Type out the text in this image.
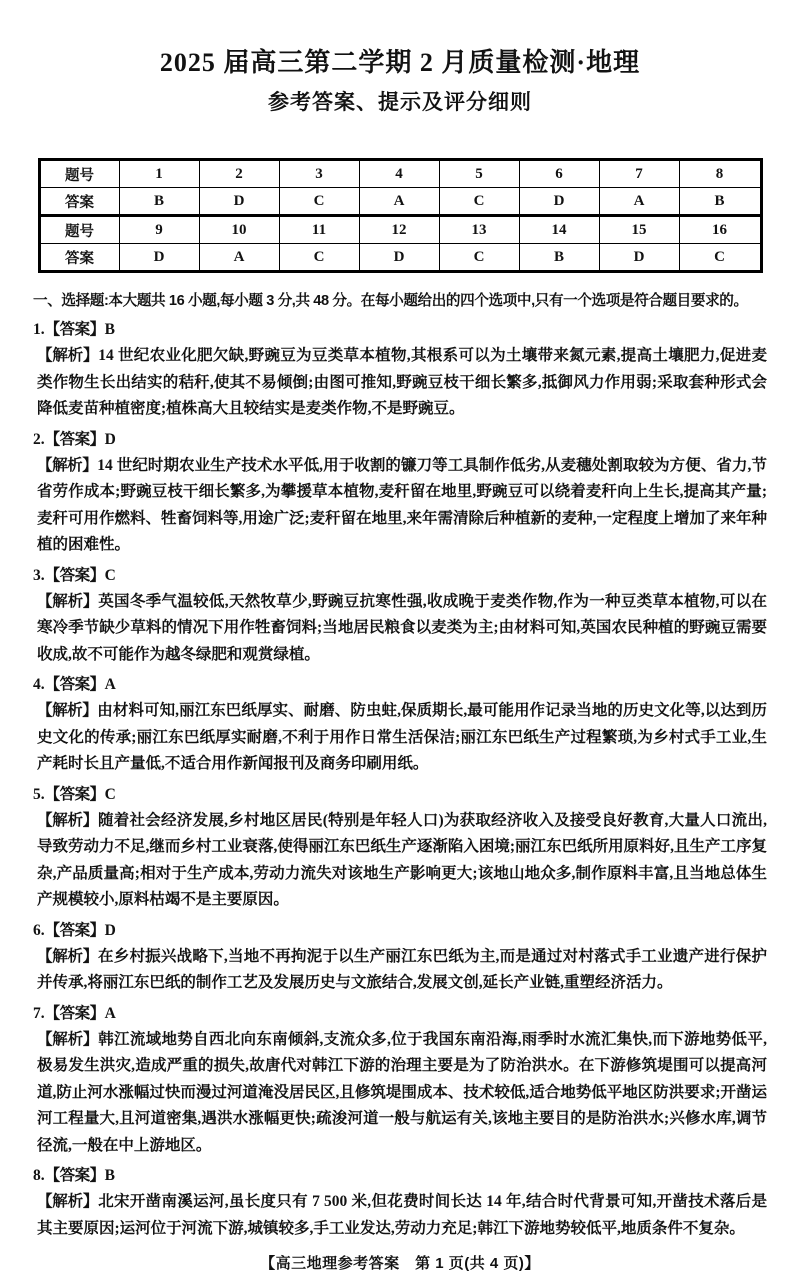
2025 届高三第二学期 2 月质量检测·地理
参考答案、提示及评分细则
题号	1	2	3	4	5	6	7	8
答案	B	D	C	A	C	D	A	B
题号	9	10	11	12	13	14	15	16
答案	D	A	C	D	C	B	D	C
一、选择题:本大题共 16 小题,每小题 3 分,共 48 分。在每小题给出的四个选项中,只有一个选项是符合题目要求的。
1.【答案】B
【解析】14 世纪农业化肥欠缺,野豌豆为豆类草本植物,其根系可以为土壤带来氮元素,提高土壤肥力,促进麦类作物生长出结实的秸秆,使其不易倾倒;由图可推知,野豌豆枝干细长繁多,抵御风力作用弱;采取套种形式会降低麦苗种植密度;植株高大且较结实是麦类作物,不是野豌豆。
2.【答案】D
【解析】14 世纪时期农业生产技术水平低,用于收割的镰刀等工具制作低劣,从麦穗处割取较为方便、省力,节省劳作成本;野豌豆枝干细长繁多,为攀援草本植物,麦秆留在地里,野豌豆可以绕着麦秆向上生长,提高其产量;麦秆可用作燃料、牲畜饲料等,用途广泛;麦秆留在地里,来年需清除后种植新的麦种,一定程度上增加了来年种植的困难性。
3.【答案】C
【解析】英国冬季气温较低,天然牧草少,野豌豆抗寒性强,收成晚于麦类作物,作为一种豆类草本植物,可以在寒冷季节缺少草料的情况下用作牲畜饲料;当地居民粮食以麦类为主;由材料可知,英国农民种植的野豌豆需要收成,故不可能作为越冬绿肥和观赏绿植。
4.【答案】A
【解析】由材料可知,丽江东巴纸厚实、耐磨、防虫蛀,保质期长,最可能用作记录当地的历史文化等,以达到历史文化的传承;丽江东巴纸厚实耐磨,不利于用作日常生活保洁;丽江东巴纸生产过程繁琐,为乡村式手工业,生产耗时长且产量低,不适合用作新闻报刊及商务印刷用纸。
5.【答案】C
【解析】随着社会经济发展,乡村地区居民(特别是年轻人口)为获取经济收入及接受良好教育,大量人口流出,导致劳动力不足,继而乡村工业衰落,使得丽江东巴纸生产逐渐陷入困境;丽江东巴纸所用原料好,且生产工序复杂,产品质量高;相对于生产成本,劳动力流失对该地生产影响更大;该地山地众多,制作原料丰富,且当地总体生产规模较小,原料枯竭不是主要原因。
6.【答案】D
【解析】在乡村振兴战略下,当地不再拘泥于以生产丽江东巴纸为主,而是通过对村落式手工业遗产进行保护并传承,将丽江东巴纸的制作工艺及发展历史与文旅结合,发展文创,延长产业链,重塑经济活力。
7.【答案】A
【解析】韩江流域地势自西北向东南倾斜,支流众多,位于我国东南沿海,雨季时水流汇集快,而下游地势低平,极易发生洪灾,造成严重的损失,故唐代对韩江下游的治理主要是为了防治洪水。在下游修筑堤围可以提高河道,防止河水涨幅过快而漫过河道淹没居民区,且修筑堤围成本、技术较低,适合地势低平地区防洪要求;开凿运河工程量大,且河道密集,遇洪水涨幅更快;疏浚河道一般与航运有关,该地主要目的是防治洪水;兴修水库,调节径流,一般在中上游地区。
8.【答案】B
【解析】北宋开凿南溪运河,虽长度只有 7 500 米,但花费时间长达 14 年,结合时代背景可知,开凿技术落后是其主要原因;运河位于河流下游,城镇较多,手工业发达,劳动力充足;韩江下游地势较低平,地质条件不复杂。
【高三地理参考答案　第 1 页(共 4 页)】
